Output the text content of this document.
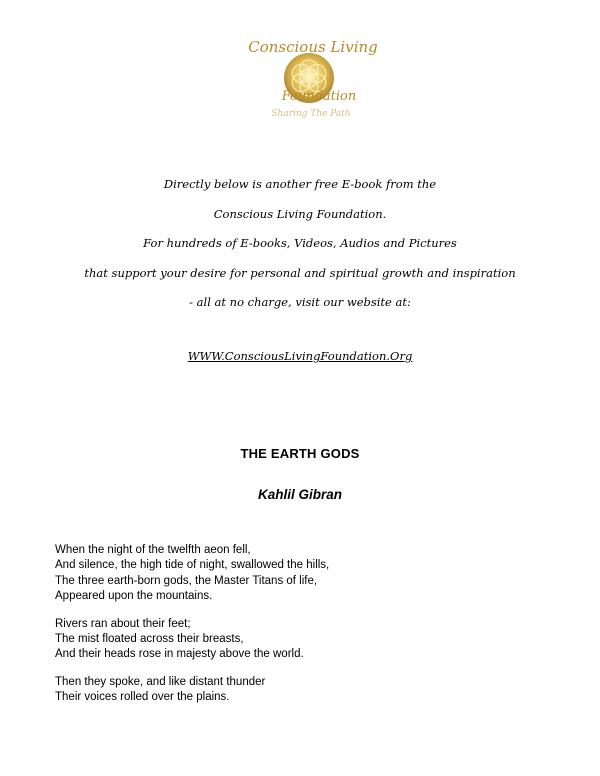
Conscious Living
Foundation
Sharing The Path

Directly below is another free E-book from the

Conscious Living Foundation.

For hundreds of E-books, Videos, Audios and Pictures

that support your desire for personal and spiritual growth and inspiration

- all at no charge, visit our website at:

WWW.ConsciousLivingFoundation.Org
THE EARTH GODS
Kahlil Gibran

When the night of the twelfth aeon fell,
And silence, the high tide of night, swallowed the hills,
The three earth-born gods, the Master Titans of life,
Appeared upon the mountains.

Rivers ran about their feet;
The mist floated across their breasts,
And their heads rose in majesty above the world.

Then they spoke, and like distant thunder
Their voices rolled over the plains.
